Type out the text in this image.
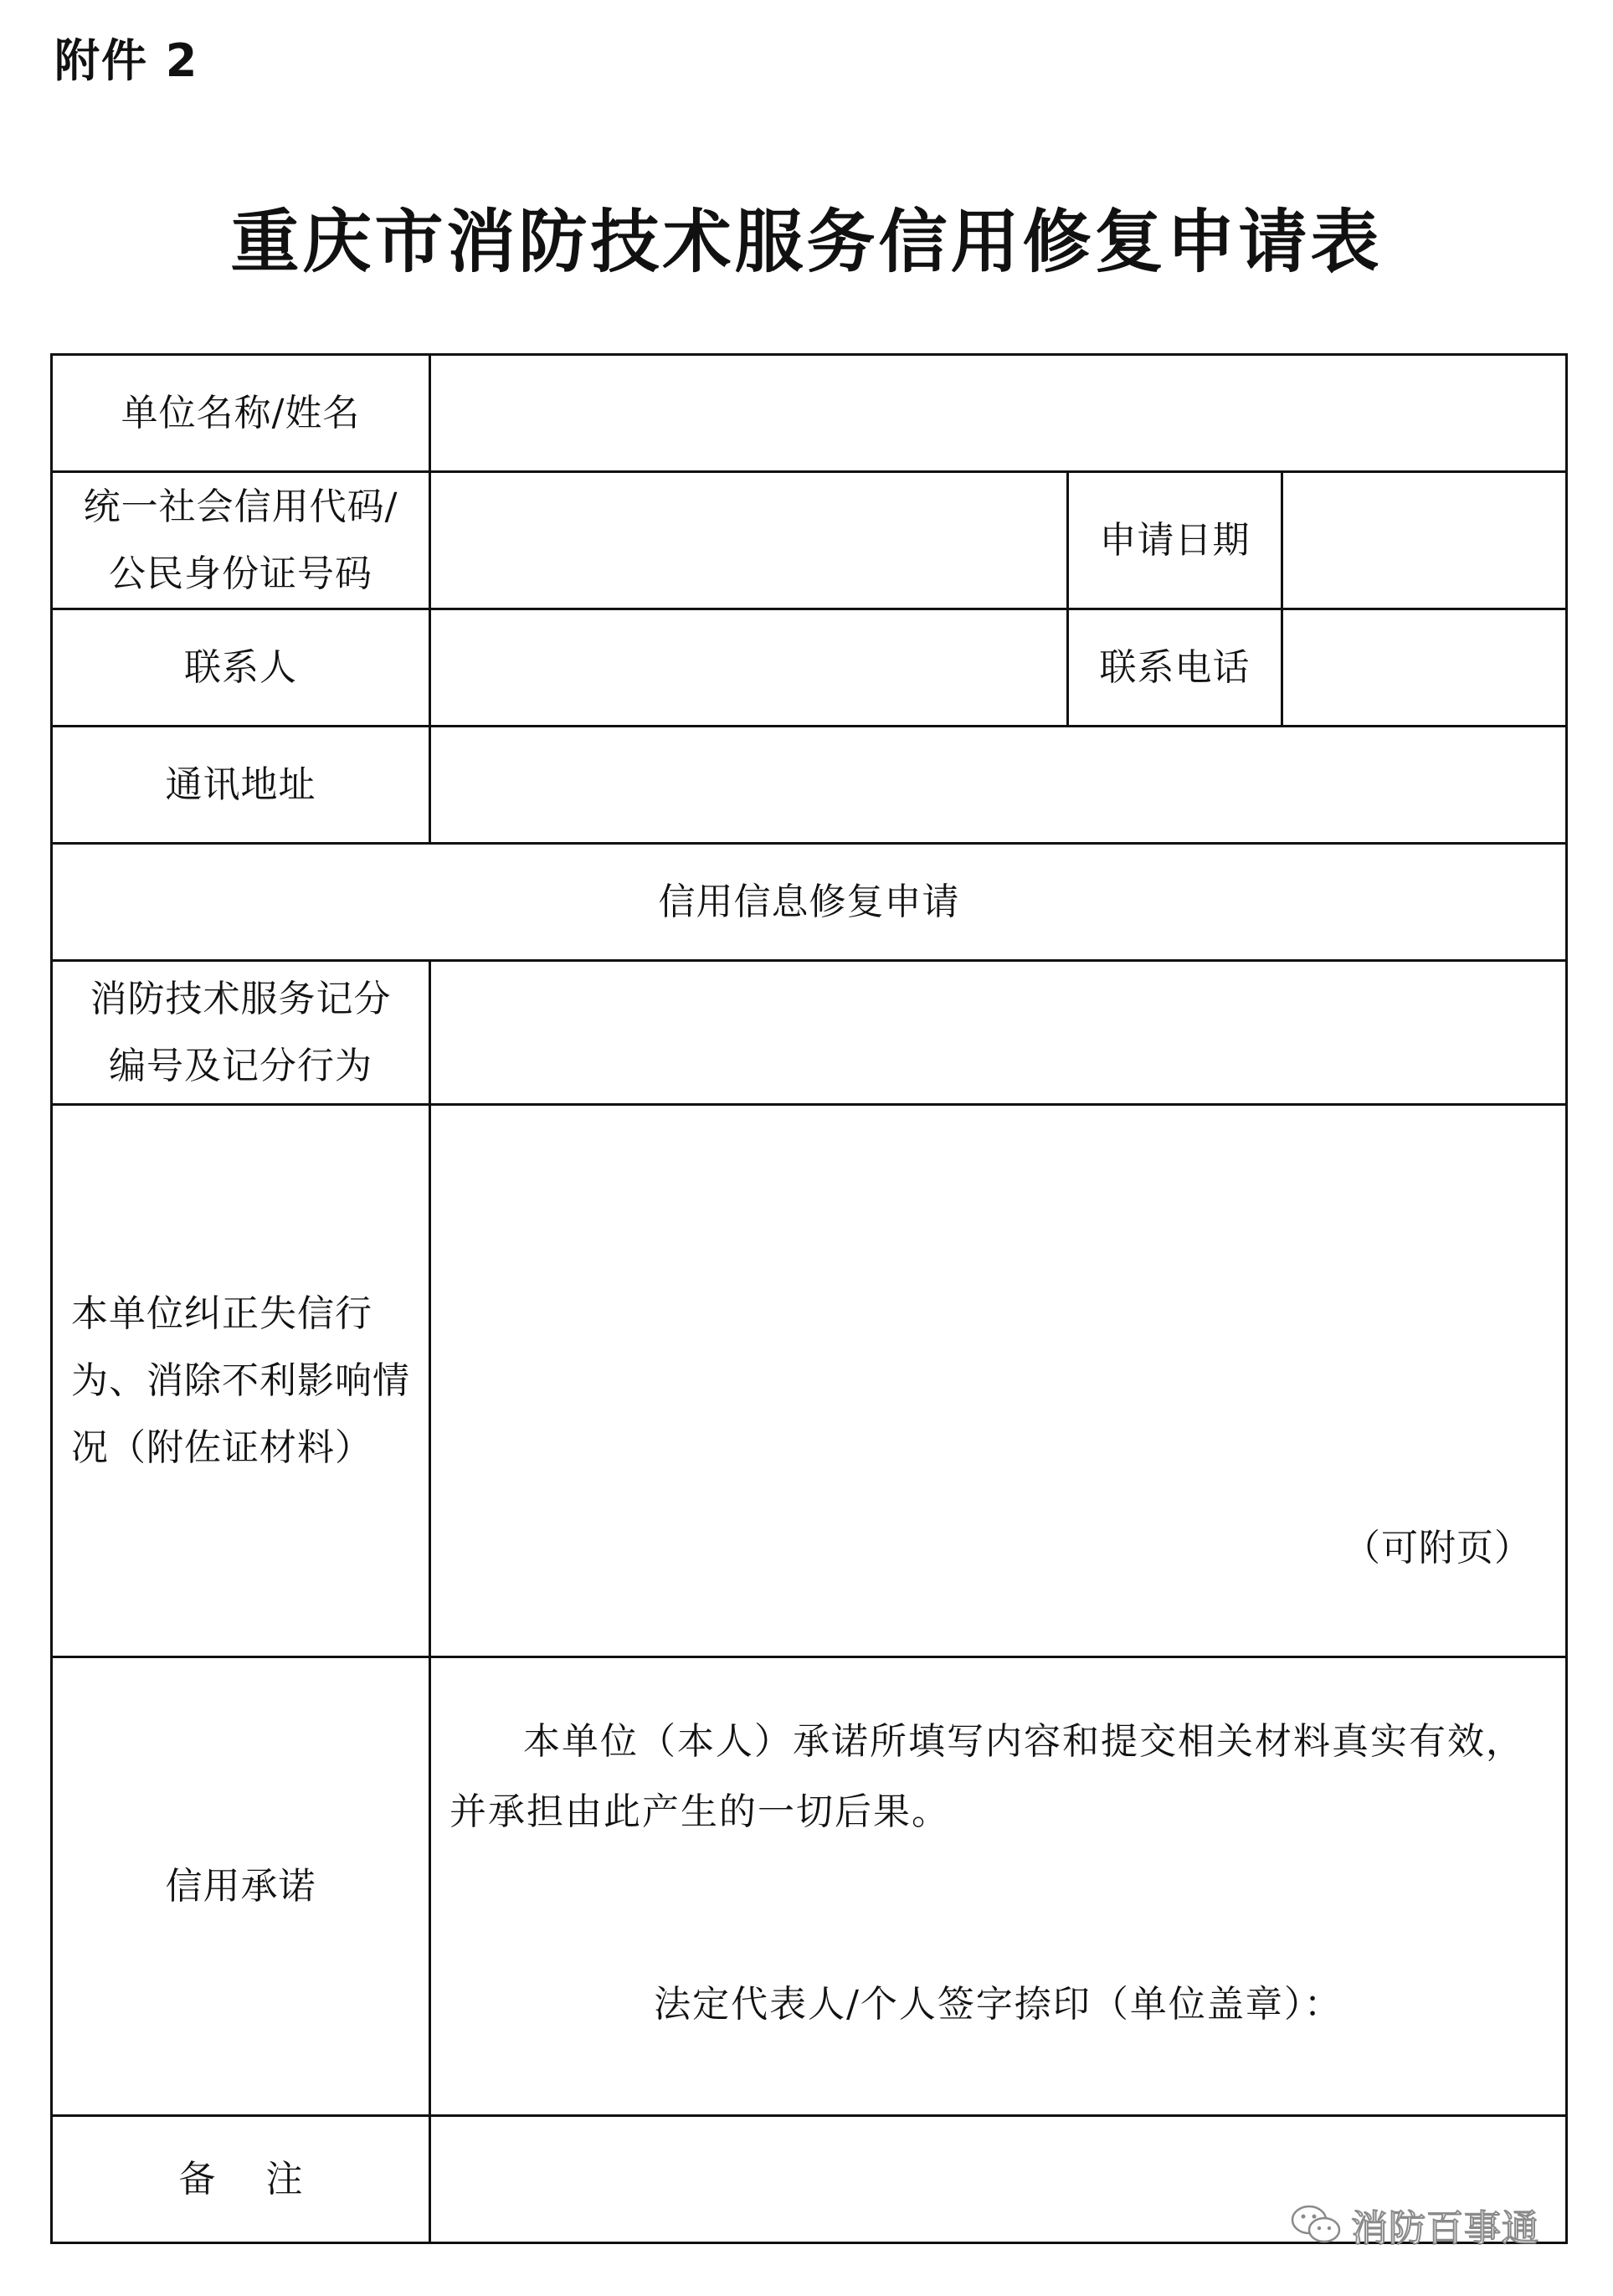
附件 2
重庆市消防技术服务信用修复申请表
单位名称/姓名			

统一社会信用代码/
公民身份证号码		申请日期	
联系人		联系电话	
通讯地址			
信用信息修复申请			

消防技术服务记分
编号及记分行为			

本单位纠正失信行
为、消除不利影响情
况（附佐证材料）	（可附页）		

信用承诺	本单位（本人）承诺所填写内容和提交相关材料真实有效，并承担由此产生的一切后果。
法定代表人/个人签字捺印（单位盖章）：		

备注			
消防百事通
